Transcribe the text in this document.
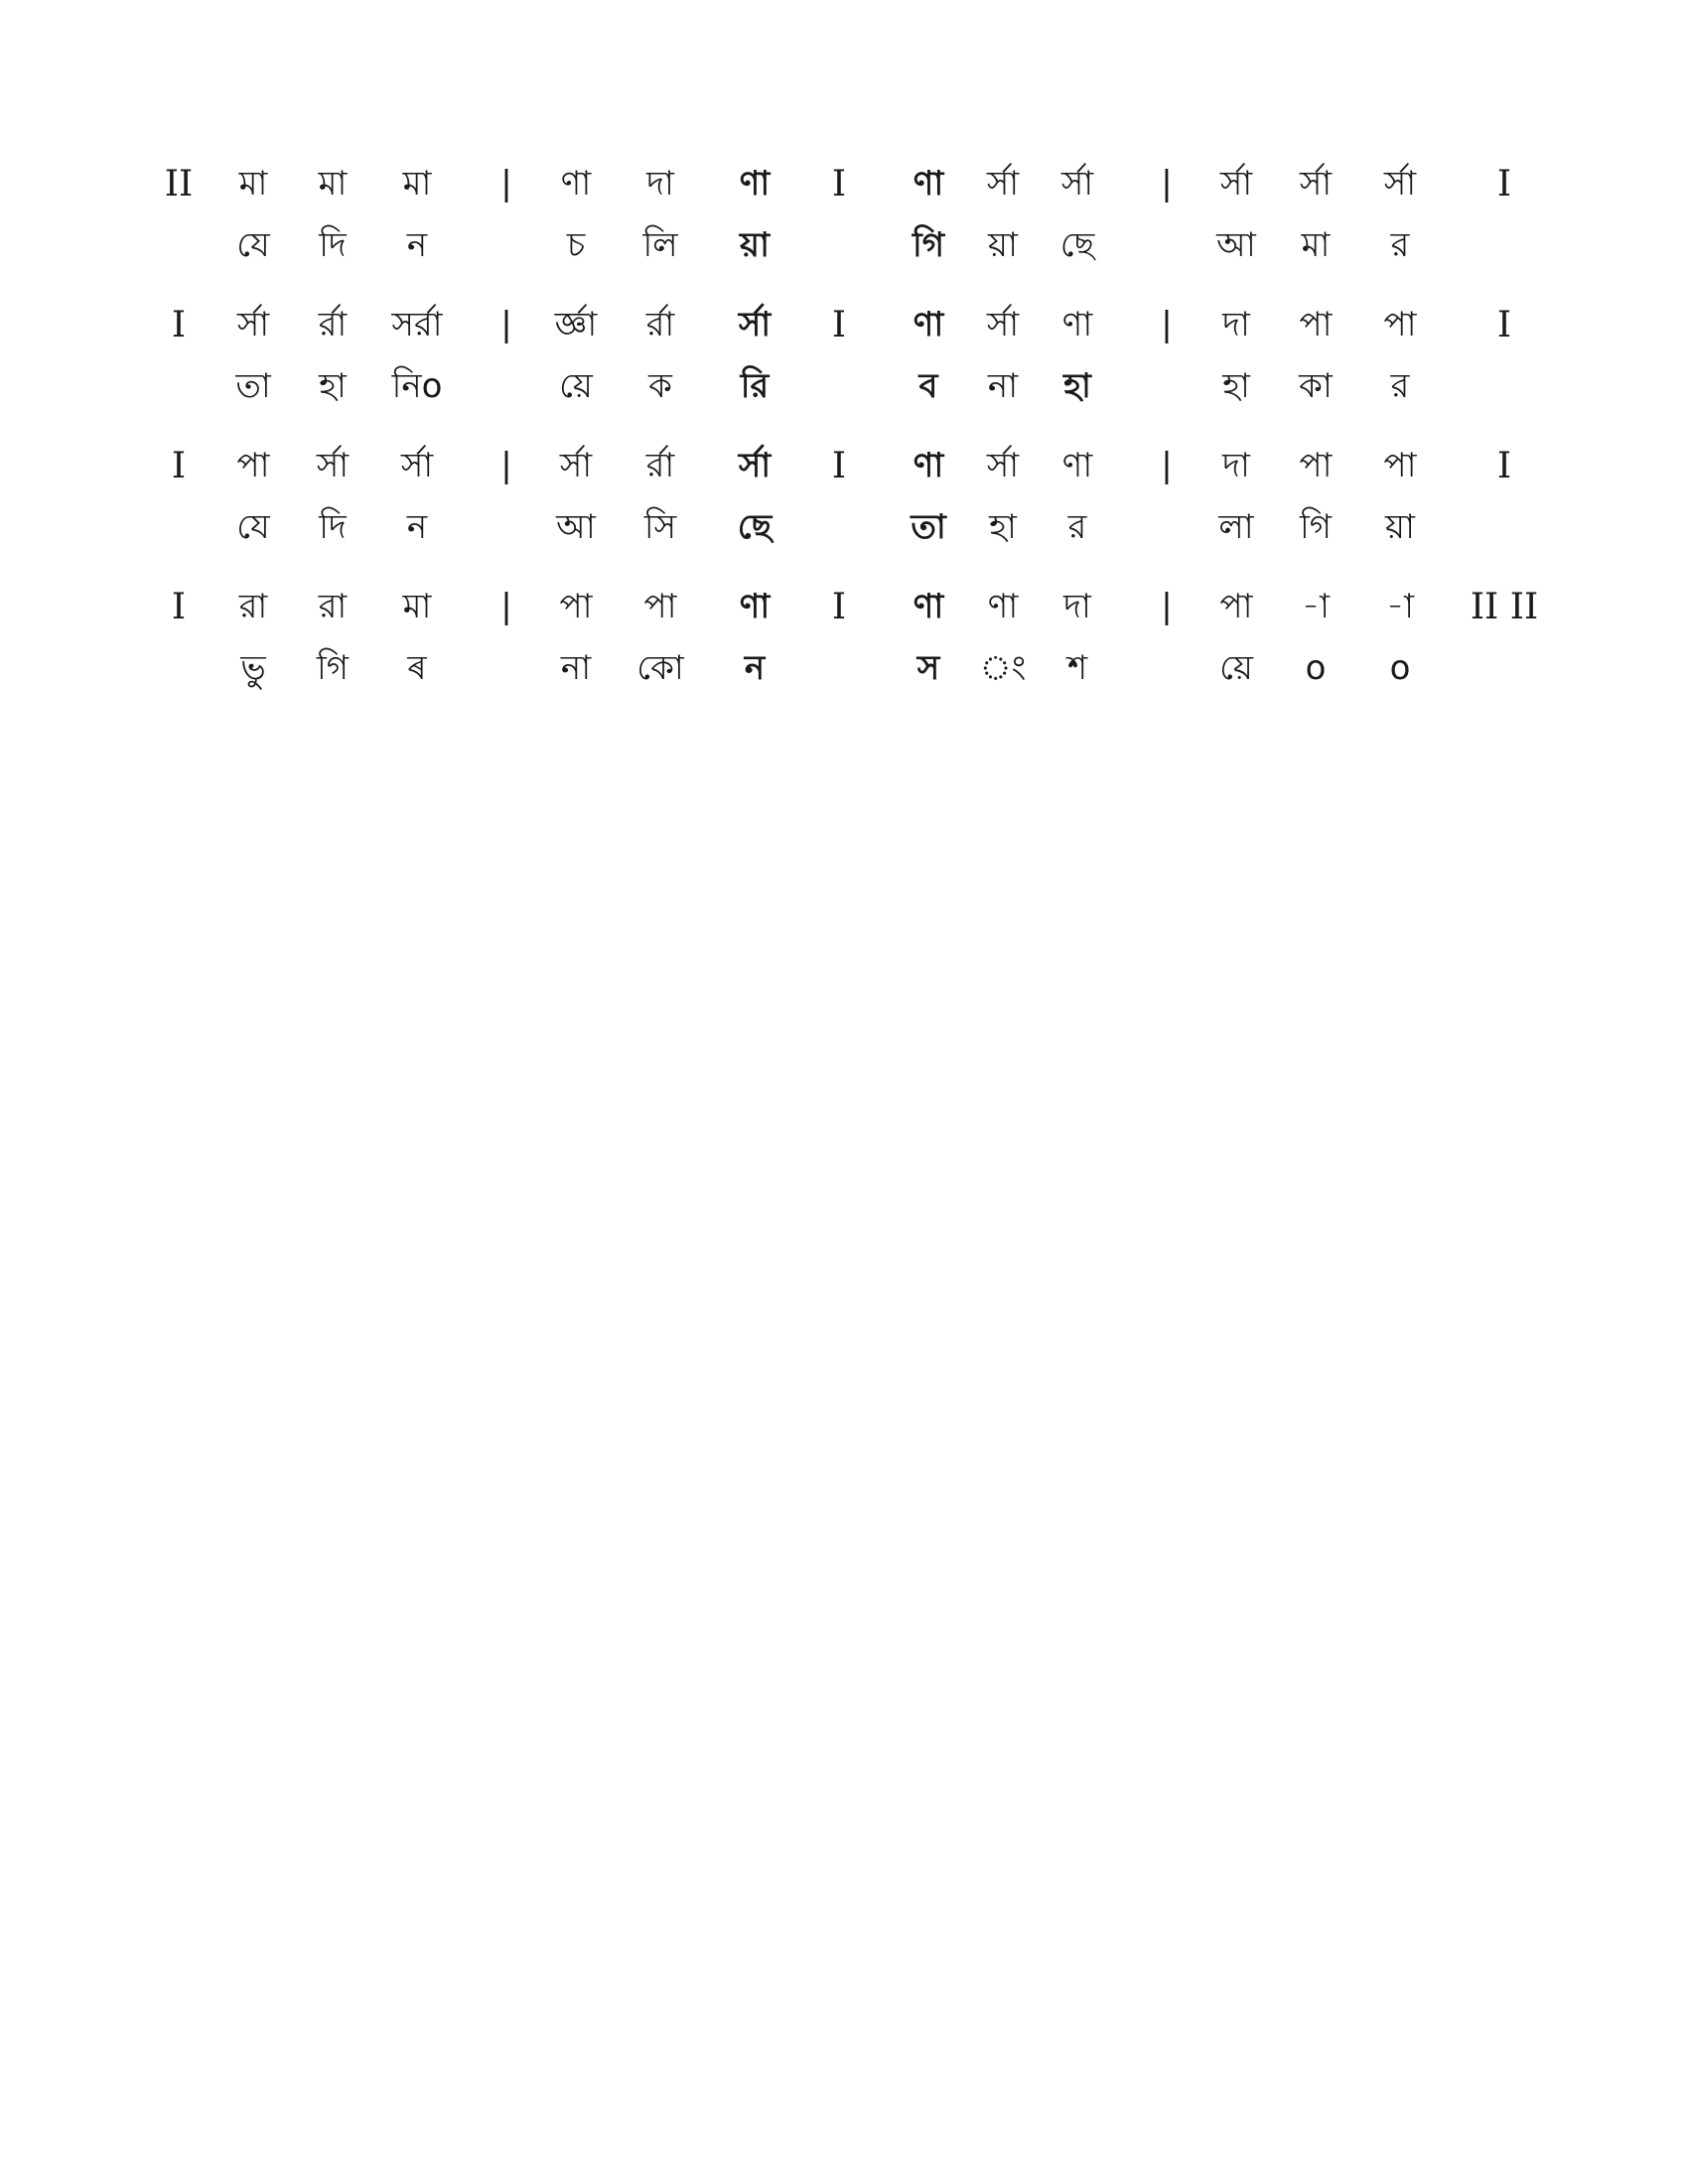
II মা মা মা | ণা দা ণা I ণা র্সা র্সা | র্সা র্সা র্সা I
যে দি ন	চ লি য়া	গি য়া ছে	আ মা র
I র্সা র্রা সর্রা | র্জ্ঞা র্রা র্সা I ণা র্সা ণা | দা পা পা I
তা হা নিo	য়ে ক রি	ব না হা	হা কা র
I পা র্সা র্সা | র্সা র্রা র্সা I ণা র্সা ণা | দা পা পা I
যে দি ন	আ সি ছে	তা হা র	লা গি য়া
I রা রা মা | পা পা ণা I ণা ণা দা | পা -া -া II II
ভু গি ৰ	না কো ন	স ং শ	য়ে o o
